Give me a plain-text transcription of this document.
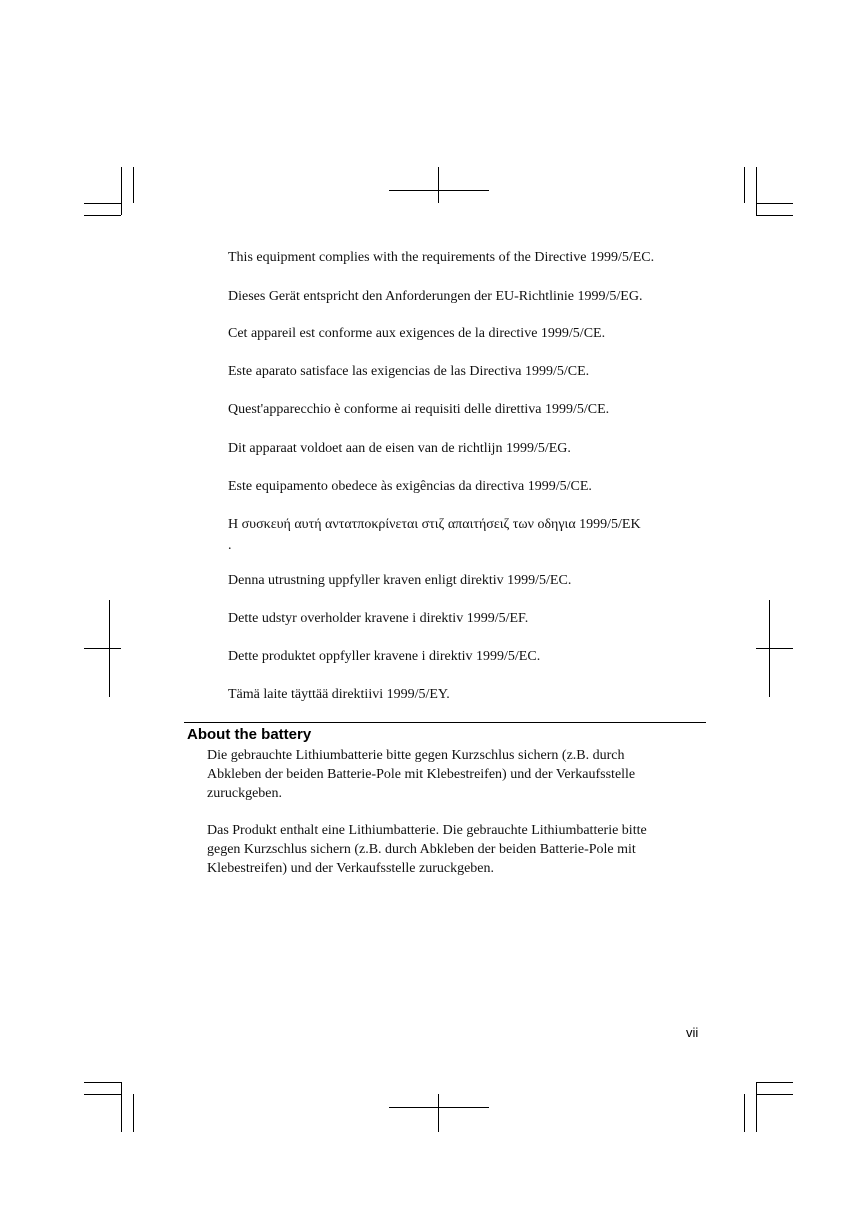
This equipment complies with the requirements of the Directive 1999/5/EC.

Dieses Gerät entspricht den Anforderungen der EU-Richtlinie 1999/5/EG.

Cet appareil est conforme aux exigences de la directive 1999/5/CE.

Este aparato satisface las exigencias de las Directiva 1999/5/CE.

Quest'apparecchio è conforme ai requisiti delle direttiva 1999/5/CE.

Dit apparaat voldoet aan de eisen van de richtlijn 1999/5/EG.

Este equipamento obedece às exigências da directiva 1999/5/CE.

Η συσκευή αυτή αντατποκρίνεται στιζ απαιτήσειζ των οδηγια 1999/5/EK

.

Denna utrustning uppfyller kraven enligt direktiv 1999/5/EC.

Dette udstyr overholder kravene i direktiv 1999/5/EF.

Dette produktet oppfyller kravene i direktiv 1999/5/EC.

Tämä laite täyttää direktiivi 1999/5/EY.

About the battery

Die gebrauchte Lithiumbatterie bitte gegen Kurzschlus sichern (z.B. durch Abkleben der beiden Batterie-Pole mit Klebestreifen) und der Verkaufsstelle zuruckgeben.

Das Produkt enthalt eine Lithiumbatterie. Die gebrauchte Lithiumbatterie bitte gegen Kurzschlus sichern (z.B. durch Abkleben der beiden Batterie-Pole mit Klebestreifen) und der Verkaufsstelle zuruckgeben.

vii
